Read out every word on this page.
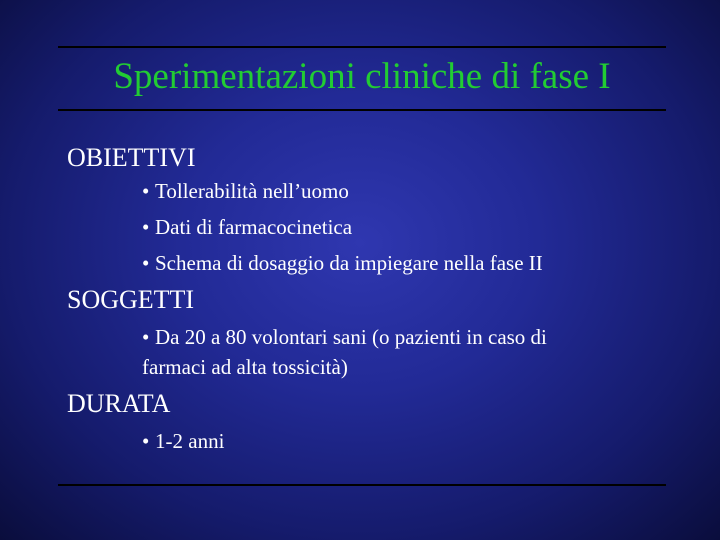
Sperimentazioni cliniche di fase I
OBIETTIVI
• Tollerabilità nell’uomo
• Dati di farmacocinetica
• Schema di dosaggio da impiegare nella fase II
SOGGETTI
• Da 20 a 80 volontari sani (o pazienti in caso di
farmaci ad alta tossicità)
DURATA
• 1-2 anni
